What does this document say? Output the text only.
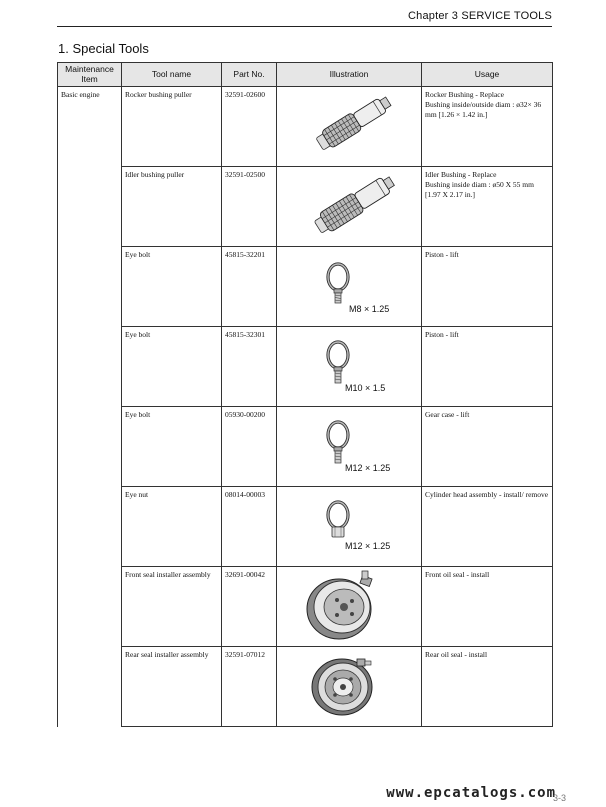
Chapter 3 SERVICE TOOLS
1. Special Tools
Maintenance Item	Tool name	Part No.	Illustration	Usage
Basic engine	Rocker bushing puller	32591-02600		Rocker Bushing - Replace
Bushing inside/outside diam : ø32× 36 mm [1.26 × 1.42 in.]
	Idler bushing puller	32591-02500		Idler Bushing - Replace
Bushing inside diam : ø50 X 55 mm [1.97 X 2.17 in.]
	Eye bolt	45815-32201	M8 × 1.25	Piston - lift
	Eye bolt	45815-32301	M10 × 1.5	Piston - lift
	Eye bolt	05930-00200	M12 × 1.25	Gear case - lift
	Eye nut	08014-00003	M12 × 1.25	Cylinder head assembly - install/ remove
	Front seal installer assembly	32691-00042		Front oil seal - install
	Rear seal installer assembly	32591-07012		Rear oil seal - install
www.epcatalogs.com
3-3
